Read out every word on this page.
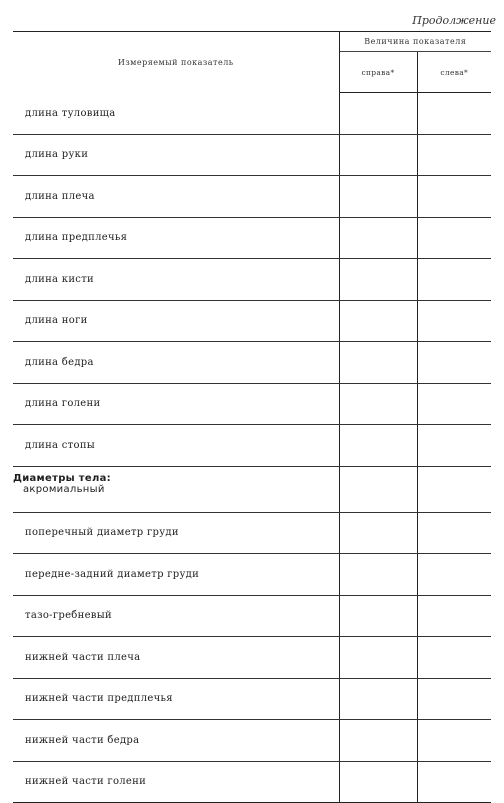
Продолжение
Измеряемый показатель	Величина показателя	
	справа*	слева*
длина туловища		
длина руки		
длина плеча		
длина предплечья		
длина кисти		
длина ноги		
длина бедра		
длина голени		
длина стопы		

Диаметры тела:
акромиальный		

поперечный диаметр груди		
передне-задний диаметр груди		
тазо-гребневый		
нижней части плеча		
нижней части предплечья		
нижней части бедра		
нижней части голени		
